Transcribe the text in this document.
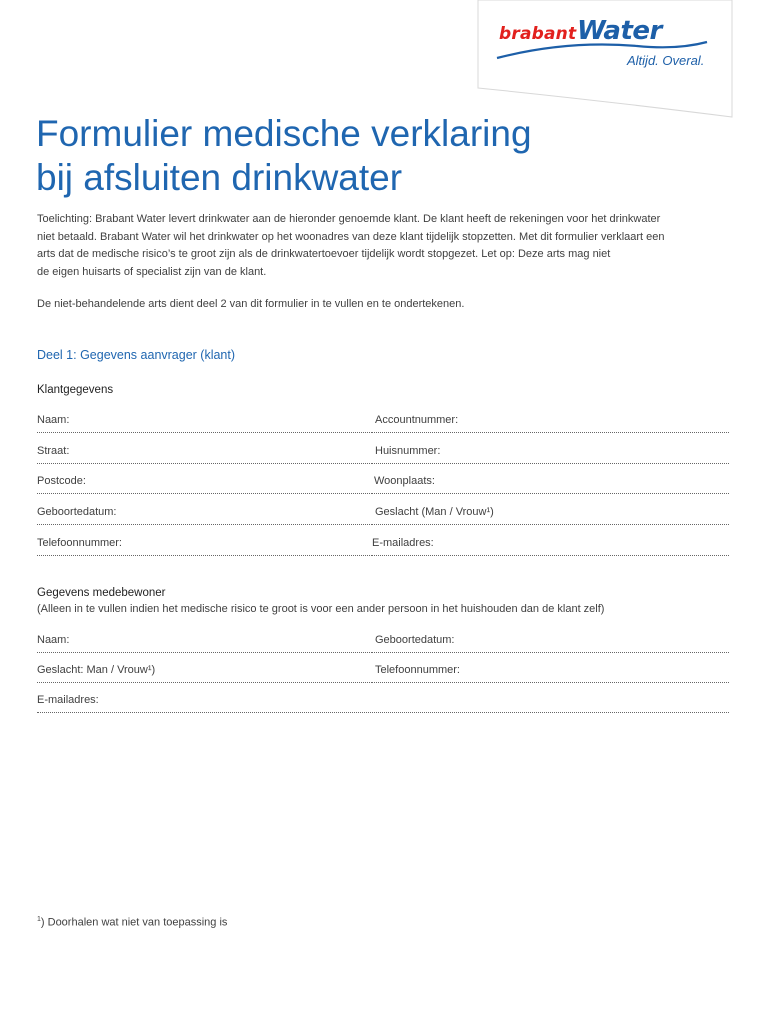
brabant Water
Altijd. Overal.
Formulier medische verklaring
bij afsluiten drinkwater
Toelichting: Brabant Water levert drinkwater aan de hieronder genoemde klant. De klant heeft de rekeningen voor het drinkwater
niet betaald. Brabant Water wil het drinkwater op het woonadres van deze klant tijdelijk stopzetten. Met dit formulier verklaart een
arts dat de medische risico’s te groot zijn als de drinkwatertoevoer tijdelijk wordt stopgezet. Let op: Deze arts mag niet
de eigen huisarts of specialist zijn van de klant.
De niet-behandelende arts dient deel 2 van dit formulier in te vullen en te ondertekenen.
Deel 1: Gegevens aanvrager (klant)
Klantgegevens
Naam:	Accountnummer:
Straat:	Huisnummer:
Postcode:	Woonplaats:
Geboortedatum:	Geslacht (Man / Vrouw¹)
Telefoonnummer:	E-mailadres:
Gegevens medebewoner
(Alleen in te vullen indien het medische risico te groot is voor een ander persoon in het huishouden dan de klant zelf)
Naam:	Geboortedatum:
Geslacht: Man / Vrouw¹)	Telefoonnummer:
E-mailadres:
$^1$) Doorhalen wat niet van toepassing is
